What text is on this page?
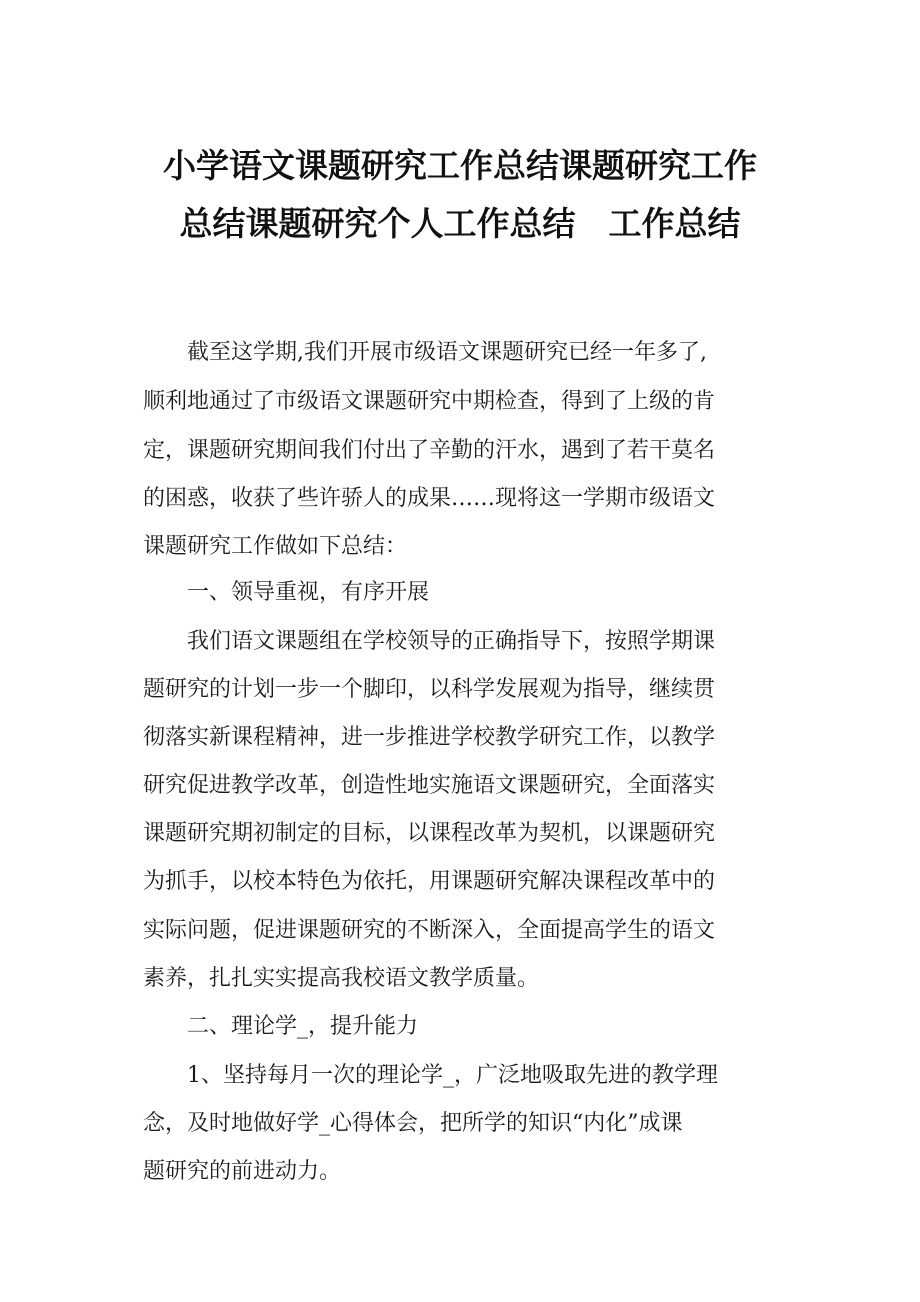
小学语文课题研究工作总结课题研究工作
总结课题研究个人工作总结　工作总结
截至这学期,我们开展市级语文课题研究已经一年多了,
顺利地通过了市级语文课题研究中期检查，得到了上级的肯
定，课题研究期间我们付出了辛勤的汗水，遇到了若干莫名
的困惑，收获了些许骄人的成果……现将这一学期市级语文
课题研究工作做如下总结：
一、领导重视，有序开展
我们语文课题组在学校领导的正确指导下，按照学期课
题研究的计划一步一个脚印，以科学发展观为指导，继续贯
彻落实新课程精神，进一步推进学校教学研究工作，以教学
研究促进教学改革，创造性地实施语文课题研究，全面落实
课题研究期初制定的目标，以课程改革为契机，以课题研究
为抓手，以校本特色为依托，用课题研究解决课程改革中的
实际问题，促进课题研究的不断深入，全面提高学生的语文
素养，扎扎实实提高我校语文教学质量。
二、理论学_，提升能力
1、坚持每月一次的理论学_，广泛地吸取先进的教学理
念，及时地做好学_心得体会，把所学的知识“内化”成课
题研究的前进动力。
